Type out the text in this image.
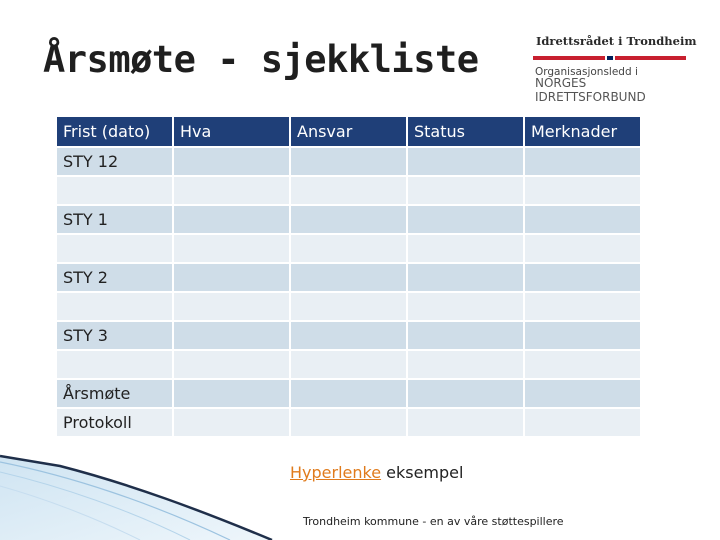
Årsmøte - sjekkliste	Idrettsrådet i Trondheim
Organisasjonsledd i
NORGES
IDRETTSFORBUND
Frist (dato)	Hva	Ansvar	Status	Merknader
STY 12				

STY 1				

STY 2				

STY 3				

Årsmøte				
Protokoll				
Hyperlenke eksempel
Trondheim kommune - en av våre støttespillere
